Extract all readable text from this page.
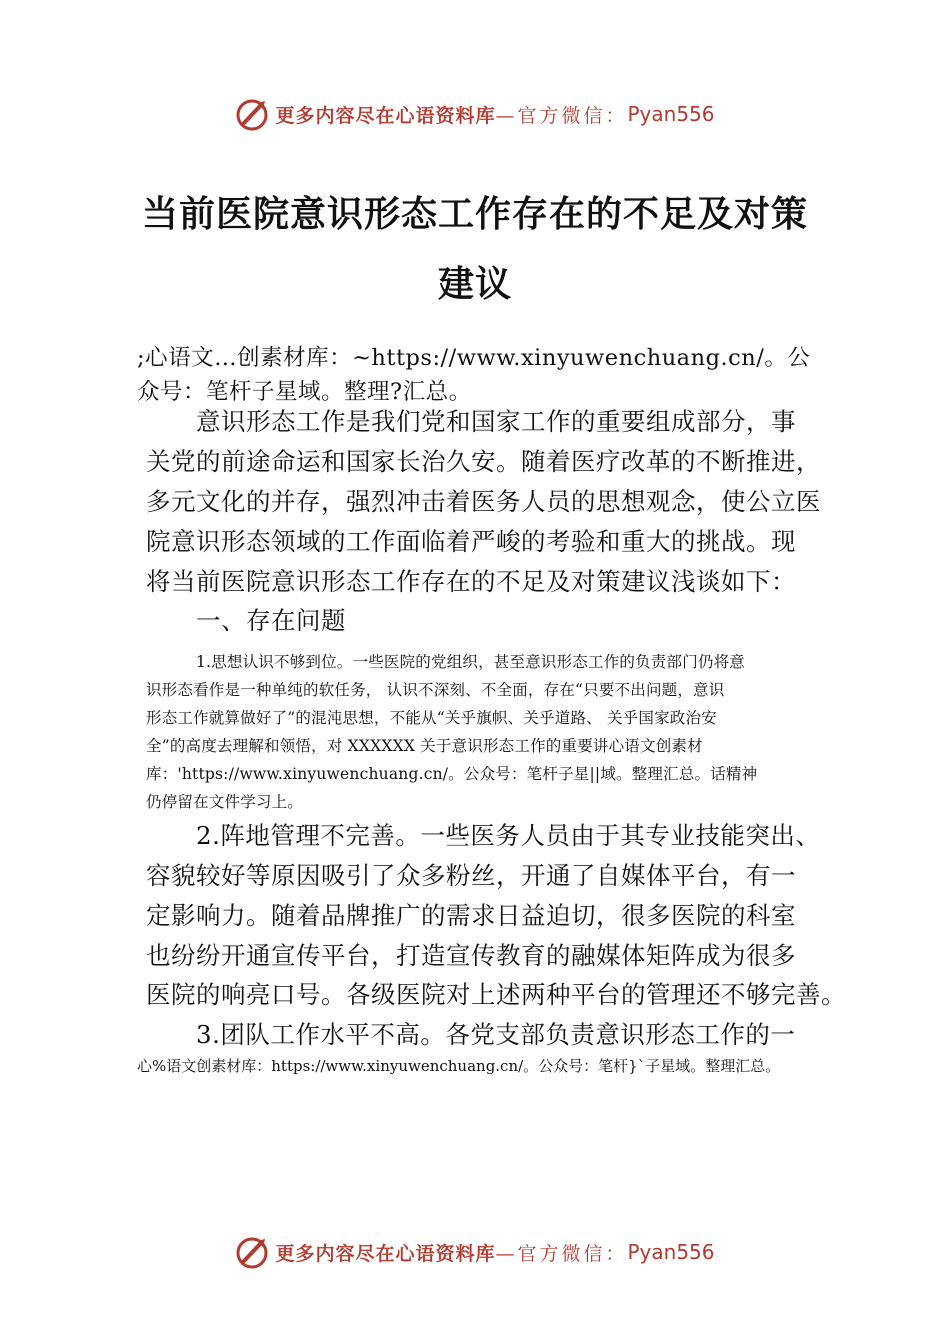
更多内容尽在心语资料库 —官方微信： Pyan556
当前医院意识形态工作存在的不足及对策
建议

;心语文…创素材库：~https://www.xinyuwenchuang.cn/。公

众号：笔杆子星域。整理?汇总。

意识形态工作是我们党和国家工作的重要组成部分，事

关党的前途命运和国家长治久安。随着医疗改革的不断推进，

多元文化的并存，强烈冲击着医务人员的思想观念，使公立医

院意识形态领域的工作面临着严峻的考验和重大的挑战。现

将当前医院意识形态工作存在的不足及对策建议浅谈如下：

一、存在问题

1.思想认识不够到位。一些医院的党组织，甚至意识形态工作的负责部门仍将意

识形态看作是一种单纯的软任务， 认识不深刻、不全面，存在“只要不出问题，意识

形态工作就算做好了”的混沌思想，不能从“关乎旗帜、关乎道路、 关乎国家政治安

全”的高度去理解和领悟，对 XXXXXX 关于意识形态工作的重要讲心语文创素材

库：'https://www.xinyuwenchuang.cn/。公众号：笔杆子星||域。整理汇总。话精神

仍停留在文件学习上。

2.阵地管理不完善。一些医务人员由于其专业技能突出、

容貌较好等原因吸引了众多粉丝，开通了自媒体平台，有一

定影响力。随着品牌推广的需求日益迫切，很多医院的科室

也纷纷开通宣传平台，打造宣传教育的融媒体矩阵成为很多

医院的响亮口号。各级医院对上述两种平台的管理还不够完善。

3.团队工作水平不高。各党支部负责意识形态工作的一

心%语文创素材库：https://www.xinyuwenchuang.cn/。公众号：笔杆}`子星域。整理汇总。

更多内容尽在心语资料库 —官方微信： Pyan556
